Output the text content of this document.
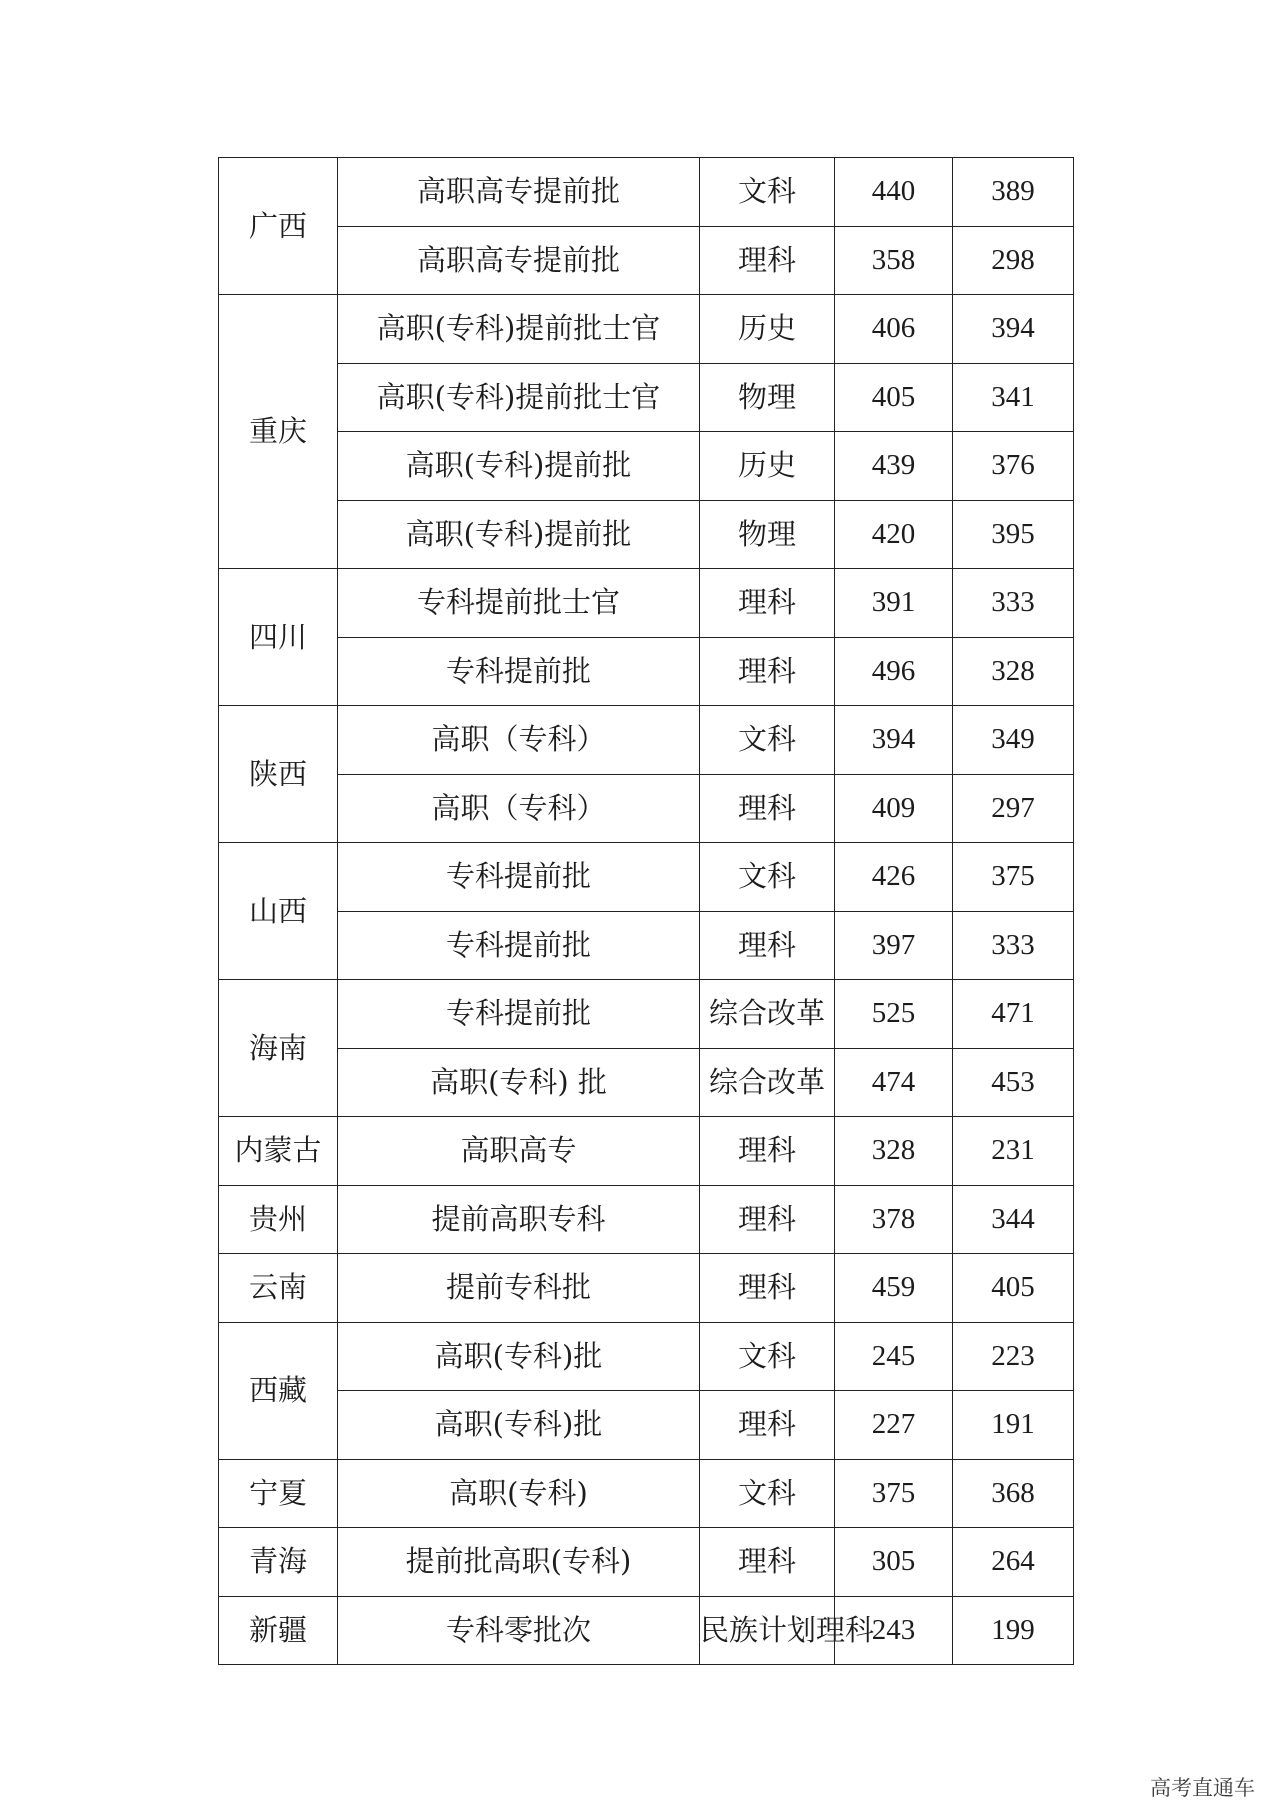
广西	高职高专提前批	文科	440	389
	高职高专提前批	理科	358	298
重庆	高职(专科)提前批士官	历史	406	394
	高职(专科)提前批士官	物理	405	341
	高职(专科)提前批	历史	439	376
	高职(专科)提前批	物理	420	395
四川	专科提前批士官	理科	391	333
	专科提前批	理科	496	328
陕西	高职（专科）	文科	394	349
	高职（专科）	理科	409	297
山西	专科提前批	文科	426	375
	专科提前批	理科	397	333
海南	专科提前批	综合改革	525	471
	高职(专科) 批	综合改革	474	453
内蒙古	高职高专	理科	328	231
贵州	提前高职专科	理科	378	344
云南	提前专科批	理科	459	405
西藏	高职(专科)批	文科	245	223
	高职(专科)批	理科	227	191
宁夏	高职(专科)	文科	375	368
青海	提前批高职(专科)	理科	305	264
新疆	专科零批次	民族计划理科	243	199
高考直通车
